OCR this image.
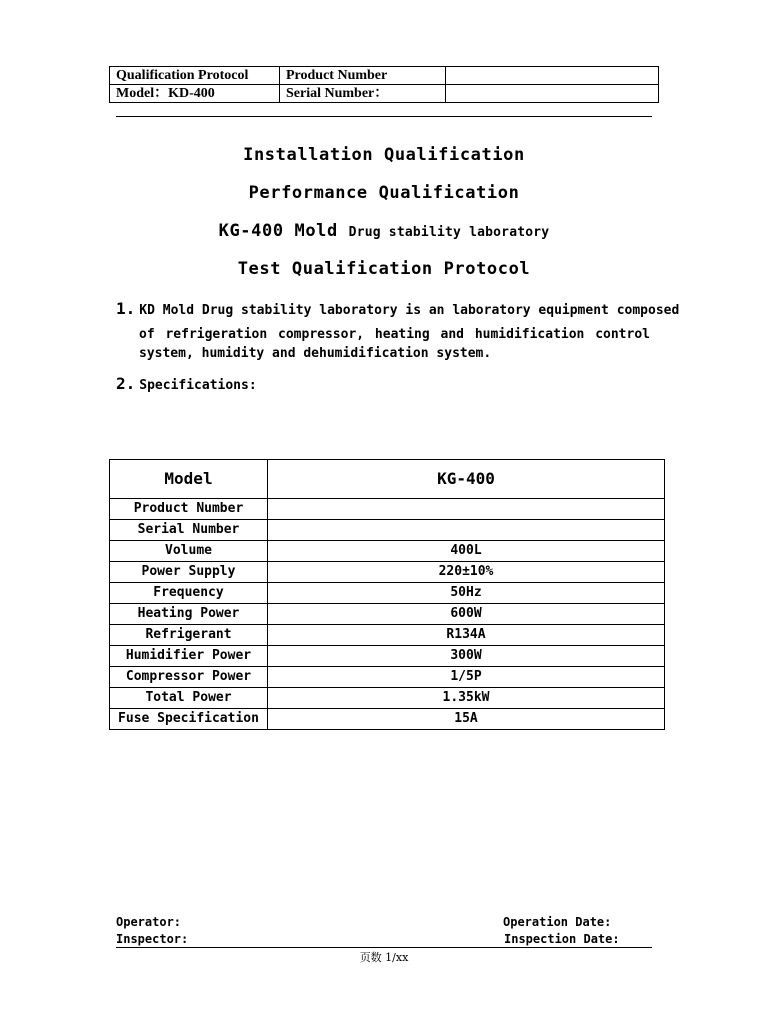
Qualification Protocol	Product Number	
Model：KD-400	Serial Number：	
Installation Qualification
Performance Qualification
KG-400 Mold Drug stability laboratory
Test Qualification Protocol
1. KD Mold Drug stability laboratory is an laboratory equipment composed
of refrigeration compressor, heating and humidification control
system, humidity and dehumidification system.
2. Specifications:
Model	KG-400
Product Number	
Serial Number	
Volume	400L
Power Supply	220±10%
Frequency	50Hz
Heating Power	600W
Refrigerant	R134A
Humidifier Power	300W
Compressor Power	1/5P
Total Power	1.35kW
Fuse Specification	15A
Operator:
Inspector:
Operation Date:
Inspection Date:
页数 1/xx
